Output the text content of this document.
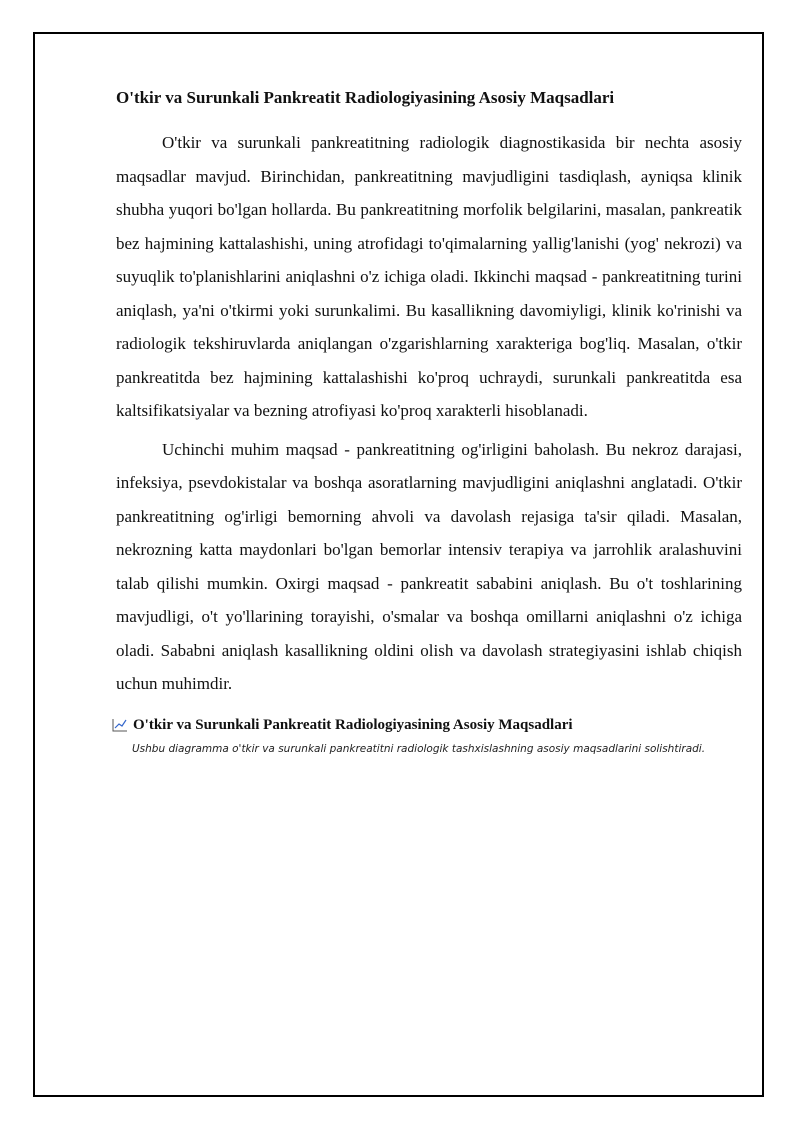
O'tkir va Surunkali Pankreatit Radiologiyasining Asosiy Maqsadlari

O'tkir va surunkali pankreatitning radiologik diagnostikasida bir nechta asosiy maqsadlar mavjud. Birinchidan, pankreatitning mavjudligini tasdiqlash, ayniqsa klinik shubha yuqori bo'lgan hollarda. Bu pankreatitning morfolik belgilarini, masalan, pankreatik bez hajmining kattalashishi, uning atrofidagi to'qimalarning yallig'lanishi (yog' nekrozi) va suyuqlik to'planishlarini aniqlashni o'z ichiga oladi. Ikkinchi maqsad - pankreatitning turini aniqlash, ya'ni o'tkirmi yoki surunkalimi. Bu kasallikning davomiyligi, klinik ko'rinishi va radiologik tekshiruvlarda aniqlangan o'zgarishlarning xarakteriga bog'liq. Masalan, o'tkir pankreatitda bez hajmining kattalashishi ko'proq uchraydi, surunkali pankreatitda esa kaltsifikatsiyalar va bezning atrofiyasi ko'proq xarakterli hisoblanadi.

Uchinchi muhim maqsad - pankreatitning og'irligini baholash. Bu nekroz darajasi, infeksiya, psevdokistalar va boshqa asoratlarning mavjudligini aniqlashni anglatadi. O'tkir pankreatitning og'irligi bemorning ahvoli va davolash rejasiga ta'sir qiladi. Masalan, nekrozning katta maydonlari bo'lgan bemorlar intensiv terapiya va jarrohlik aralashuvini talab qilishi mumkin. Oxirgi maqsad - pankreatit sababini aniqlash. Bu o't toshlarining mavjudligi, o't yo'llarining torayishi, o'smalar va boshqa omillarni aniqlashni o'z ichiga oladi. Sababni aniqlash kasallikning oldini olish va davolash strategiyasini ishlab chiqish uchun muhimdir.

O'tkir va Surunkali Pankreatit Radiologiyasining Asosiy Maqsadlari
Ushbu diagramma o'tkir va surunkali pankreatitni radiologik tashxislashning asosiy maqsadlarini solishtiradi.
